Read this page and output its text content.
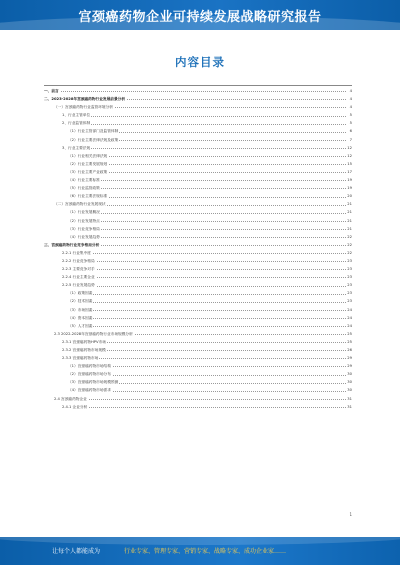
宫颈癌药物企业可持续发展战略研究报告
内容目录
一、前言	4
二、2023-2028年宫颈癌药物行业发展前景分析	4
（一）宫颈癌药物行业监管环境分析	4
1、行业主管单位	5
2、行业监管体制	5
（1）行业主管部门及监管体制	6
（2）行业主要法律法规及政策	7
3、行业主要法规	12
（1）行业相关法律法规	12
（2）行业主要发展规划	15
（3）行业主要产业政策	17
（4）行业主要标准	19
（5）行业监管政策	19
（6）行业主要法规标准	20
（二）宫颈癌药物行业发展现状	21
（1）行业发展概况	21
（2）行业发展特点	21
（3）行业竞争格局	21
（4）行业发展趋势	22
三、宫颈癌药物行业竞争格局分析	22
2.2.1 行业集中度	22
2.2.2 行业竞争格局	23
2.2.3 主要竞争对手	23
2.2.4 行业主要企业	23
2.2.5 行业发展趋势	23
（1）政策因素	23
（2）技术因素	23
（3）市场因素	24
（4）资本因素	24
（5）人才因素	24
2.3 2022-2028年宫颈癌药物行业市场规模分析	25
2.3.1 宫颈癌药物HPV市场	25
2.3.2 宫颈癌药物市场规模	26
2.3.3 宫颈癌药物市场	29
（1）宫颈癌药物市场结构	29
（2）宫颈癌药物市场分布	30
（3）宫颈癌药物市场规模预测	30
（4）宫颈癌药物市场需求	30
2.4 宫颈癌药物企业	31
2.4.1 企业分析	31
1
让每个人都能成为	行业专家、管理专家、营销专家、战略专家、成功企业家……
